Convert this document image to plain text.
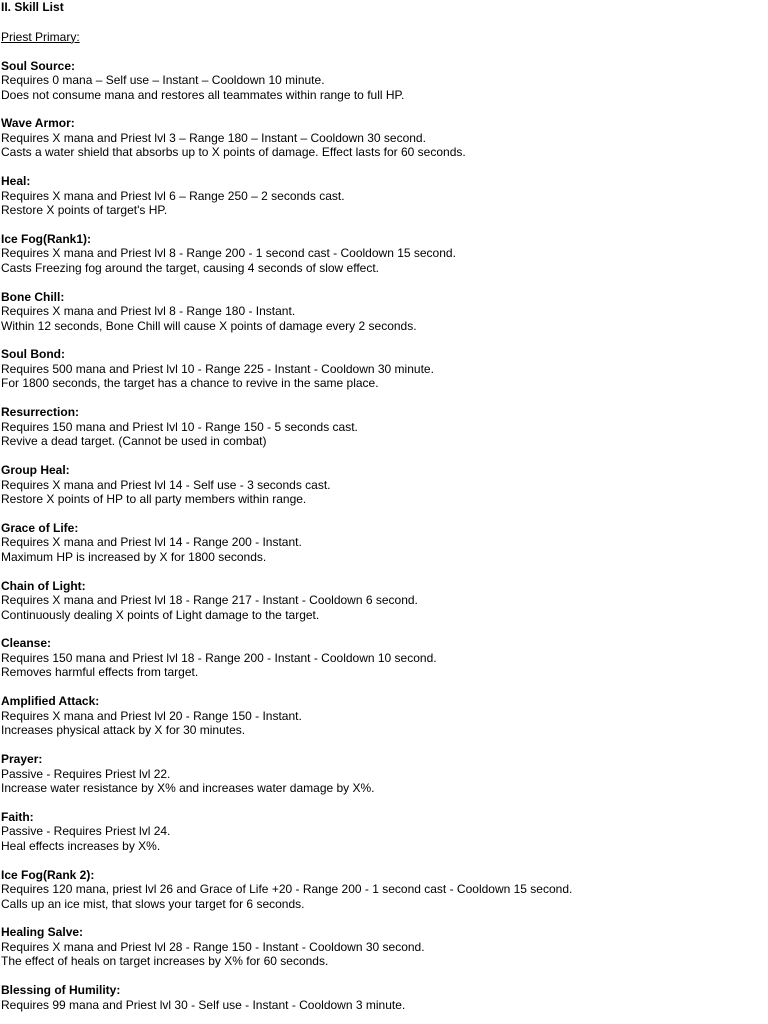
II. Skill List
Priest Primary:
Soul Source:
Requires 0 mana – Self use – Instant – Cooldown 10 minute.
Does not consume mana and restores all teammates within range to full HP.
Wave Armor:
Requires X mana and Priest lvl 3 – Range 180 – Instant – Cooldown 30 second.
Casts a water shield that absorbs up to X points of damage. Effect lasts for 60 seconds.
Heal:
Requires X mana and Priest lvl 6 – Range 250 – 2 seconds cast.
Restore X points of target's HP.
Ice Fog(Rank1):
Requires X mana and Priest lvl 8 - Range 200 - 1 second cast - Cooldown 15 second.
Casts Freezing fog around the target, causing 4 seconds of slow effect.
Bone Chill:
Requires X mana and Priest lvl 8 - Range 180 - Instant.
Within 12 seconds, Bone Chill will cause X points of damage every 2 seconds.
Soul Bond:
Requires 500 mana and Priest lvl 10 - Range 225 - Instant - Cooldown 30 minute.
For 1800 seconds, the target has a chance to revive in the same place.
Resurrection:
Requires 150 mana and Priest lvl 10 - Range 150 - 5 seconds cast.
Revive a dead target. (Cannot be used in combat)
Group Heal:
Requires X mana and Priest lvl 14 - Self use - 3 seconds cast.
Restore X points of HP to all party members within range.
Grace of Life:
Requires X mana and Priest lvl 14 - Range 200 - Instant.
Maximum HP is increased by X for 1800 seconds.
Chain of Light:
Requires X mana and Priest lvl 18 - Range 217 - Instant - Cooldown 6 second.
Continuously dealing X points of Light damage to the target.
Cleanse:
Requires 150 mana and Priest lvl 18 - Range 200 - Instant - Cooldown 10 second.
Removes harmful effects from target.
Amplified Attack:
Requires X mana and Priest lvl 20 - Range 150 - Instant.
Increases physical attack by X for 30 minutes.
Prayer:
Passive - Requires Priest lvl 22.
Increase water resistance by X% and increases water damage by X%.
Faith:
Passive - Requires Priest lvl 24.
Heal effects increases by X%.
Ice Fog(Rank 2):
Requires 120 mana, priest lvl 26 and Grace of Life +20 - Range 200 - 1 second cast - Cooldown 15 second.
Calls up an ice mist, that slows your target for 6 seconds.
Healing Salve:
Requires X mana and Priest lvl 28 - Range 150 - Instant - Cooldown 30 second.
The effect of heals on target increases by X% for 60 seconds.
Blessing of Humility:
Requires 99 mana and Priest lvl 30 - Self use - Instant - Cooldown 3 minute.
